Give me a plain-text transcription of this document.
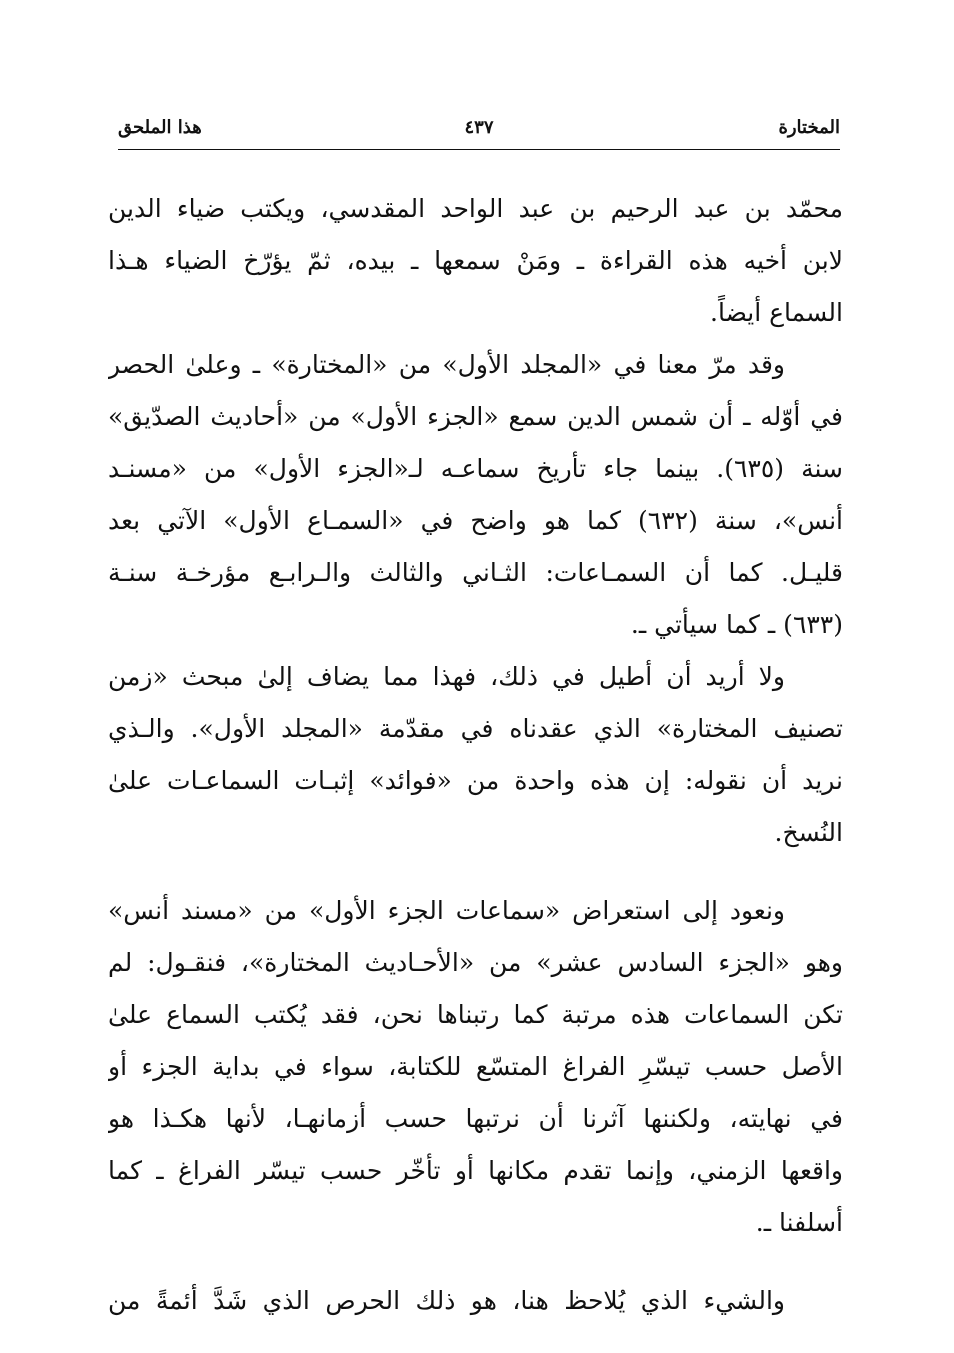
المختارة
٤٣٧
هذا الملحق
محمّد بن عبد الرحيم بن عبد الواحد المقدسي، ويكتب ضياء الدين
لابن أخيه هذه القراءة ـ ومَنْ سمعها ـ بيده، ثمّ يؤرّخ الضياء هـذا
السماع أيضاً.
وقد مرّ معنا في «المجلد الأول» من «المختارة» ـ وعلىٰ الحصر
في أوّله ـ أن شمس الدين سمع «الجزء الأول» من «أحاديث الصدّيق»
سنة (٦٣٥). بينما جاء تأريخ سماعـه لـ«الجزء الأول» من «مسنـد
أنس»، سنة (٦٣٢) كما هو واضح في «السمـاع الأول» الآتي بعد
قليـل. كما أن السمـاعات: الثـاني والثالث والـرابـع مؤرخـة سنـة
(٦٣٣) ـ كما سيأتي ـ.
ولا أريد أن أطيل في ذلك، فهذا مما يضاف إلىٰ مبحث «زمن
تصنيف المختارة» الذي عقدناه في مقدّمة «المجلد الأول». والـذي
نريد أن نقوله: إن هذه واحدة من «فوائد» إثبـات السماعـات علىٰ
النُسخ.
ونعود إلى استعراض «سماعات الجزء الأول» من «مسند أنس»
وهو «الجزء السادس عشر» من «الأحـاديث المختارة»، فنقـول: لم
تكن السماعات هذه مرتبة كما رتبناها نحن، فقد يُكتب السماع علىٰ
الأصل حسب تيسّرِ الفراغ المتسّع للكتابة، سواء في بداية الجزء أو
في نهايته، ولكننها آثرنا أن نرتبها حسب أزمانهـا، لأنها هكـذا هو
واقعها الزمني، وإنما تقدم مكانها أو تأخّر حسب تيسّر الفراغ ـ كما
أسلفنا ـ.
والشيء الذي يُلاحظ هنا، هو ذلك الحرص الذي شَدَّ أئمةً من
